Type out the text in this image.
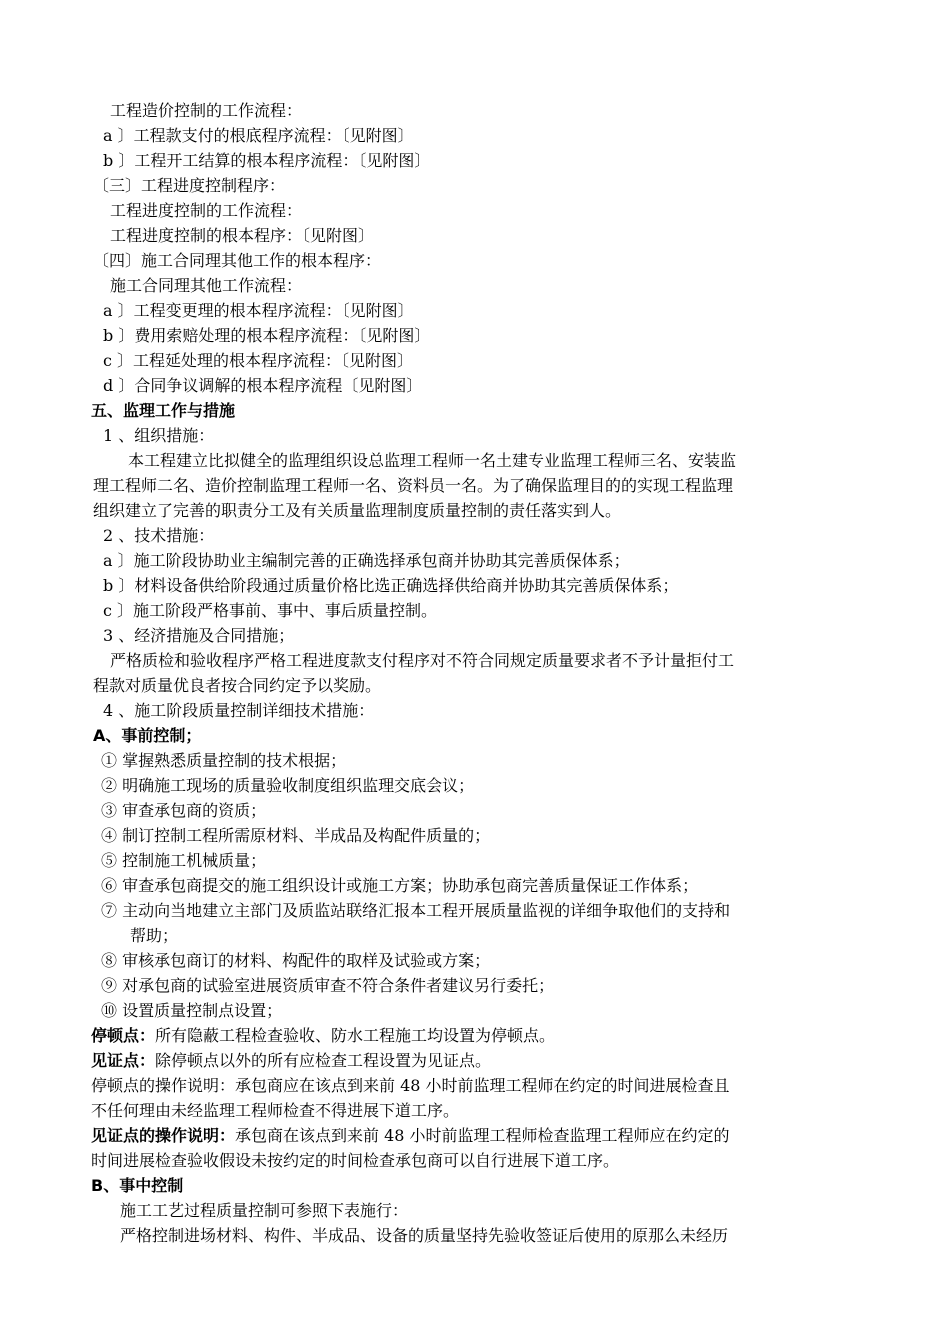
工程造价控制的工作流程：
a 〕工程款支付的根底程序流程：〔见附图〕
b 〕工程开工结算的根本程序流程：〔见附图〕
〔三〕工程进度控制程序：
工程进度控制的工作流程：
工程进度控制的根本程序：〔见附图〕
〔四〕施工合同理其他工作的根本程序：
施工合同理其他工作流程：
a 〕工程变更理的根本程序流程：〔见附图〕
b 〕费用索赔处理的根本程序流程：〔见附图〕
c 〕工程延处理的根本程序流程：〔见附图〕
d 〕合同争议调解的根本程序流程〔见附图〕
五、监理工作与措施
1 、组织措施：
本工程建立比拟健全的监理组织设总监理工程师一名土建专业监理工程师三名、安装监
理工程师二名、造价控制监理工程师一名、资料员一名。为了确保监理目的的实现工程监理
组织建立了完善的职责分工及有关质量监理制度质量控制的责任落实到人。
2 、技术措施：
a 〕施工阶段协助业主编制完善的正确选择承包商并协助其完善质保体系；
b 〕材料设备供给阶段通过质量价格比选正确选择供给商并协助其完善质保体系；
c 〕施工阶段严格事前、事中、事后质量控制。
3 、经济措施及合同措施；
严格质检和验收程序严格工程进度款支付程序对不符合同规定质量要求者不予计量拒付工
程款对质量优良者按合同约定予以奖励。
4 、施工阶段质量控制详细技术措施：
A、事前控制；
① 掌握熟悉质量控制的技术根据；
② 明确施工现场的质量验收制度组织监理交底会议；
③ 审查承包商的资质；
④ 制订控制工程所需原材料、半成品及构配件质量的；
⑤ 控制施工机械质量；
⑥ 审查承包商提交的施工组织设计或施工方案；协助承包商完善质量保证工作体系；
⑦ 主动向当地建立主部门及质监站联络汇报本工程开展质量监视的详细争取他们的支持和
帮助；
⑧ 审核承包商订的材料、构配件的取样及试验或方案；
⑨ 对承包商的试验室进展资质审查不符合条件者建议另行委托；
⑩ 设置质量控制点设置；
停顿点：所有隐蔽工程检查验收、防水工程施工均设置为停顿点。
见证点：除停顿点以外的所有应检查工程设置为见证点。
停顿点的操作说明：承包商应在该点到来前 48 小时前监理工程师在约定的时间进展检查且
不任何理由未经监理工程师检查不得进展下道工序。
见证点的操作说明：承包商在该点到来前 48 小时前监理工程师检查监理工程师应在约定的
时间进展检查验收假设未按约定的时间检查承包商可以自行进展下道工序。
B、事中控制
施工工艺过程质量控制可参照下表施行：
严格控制进场材料、构件、半成品、设备的质量坚持先验收签证后使用的原那么未经历
